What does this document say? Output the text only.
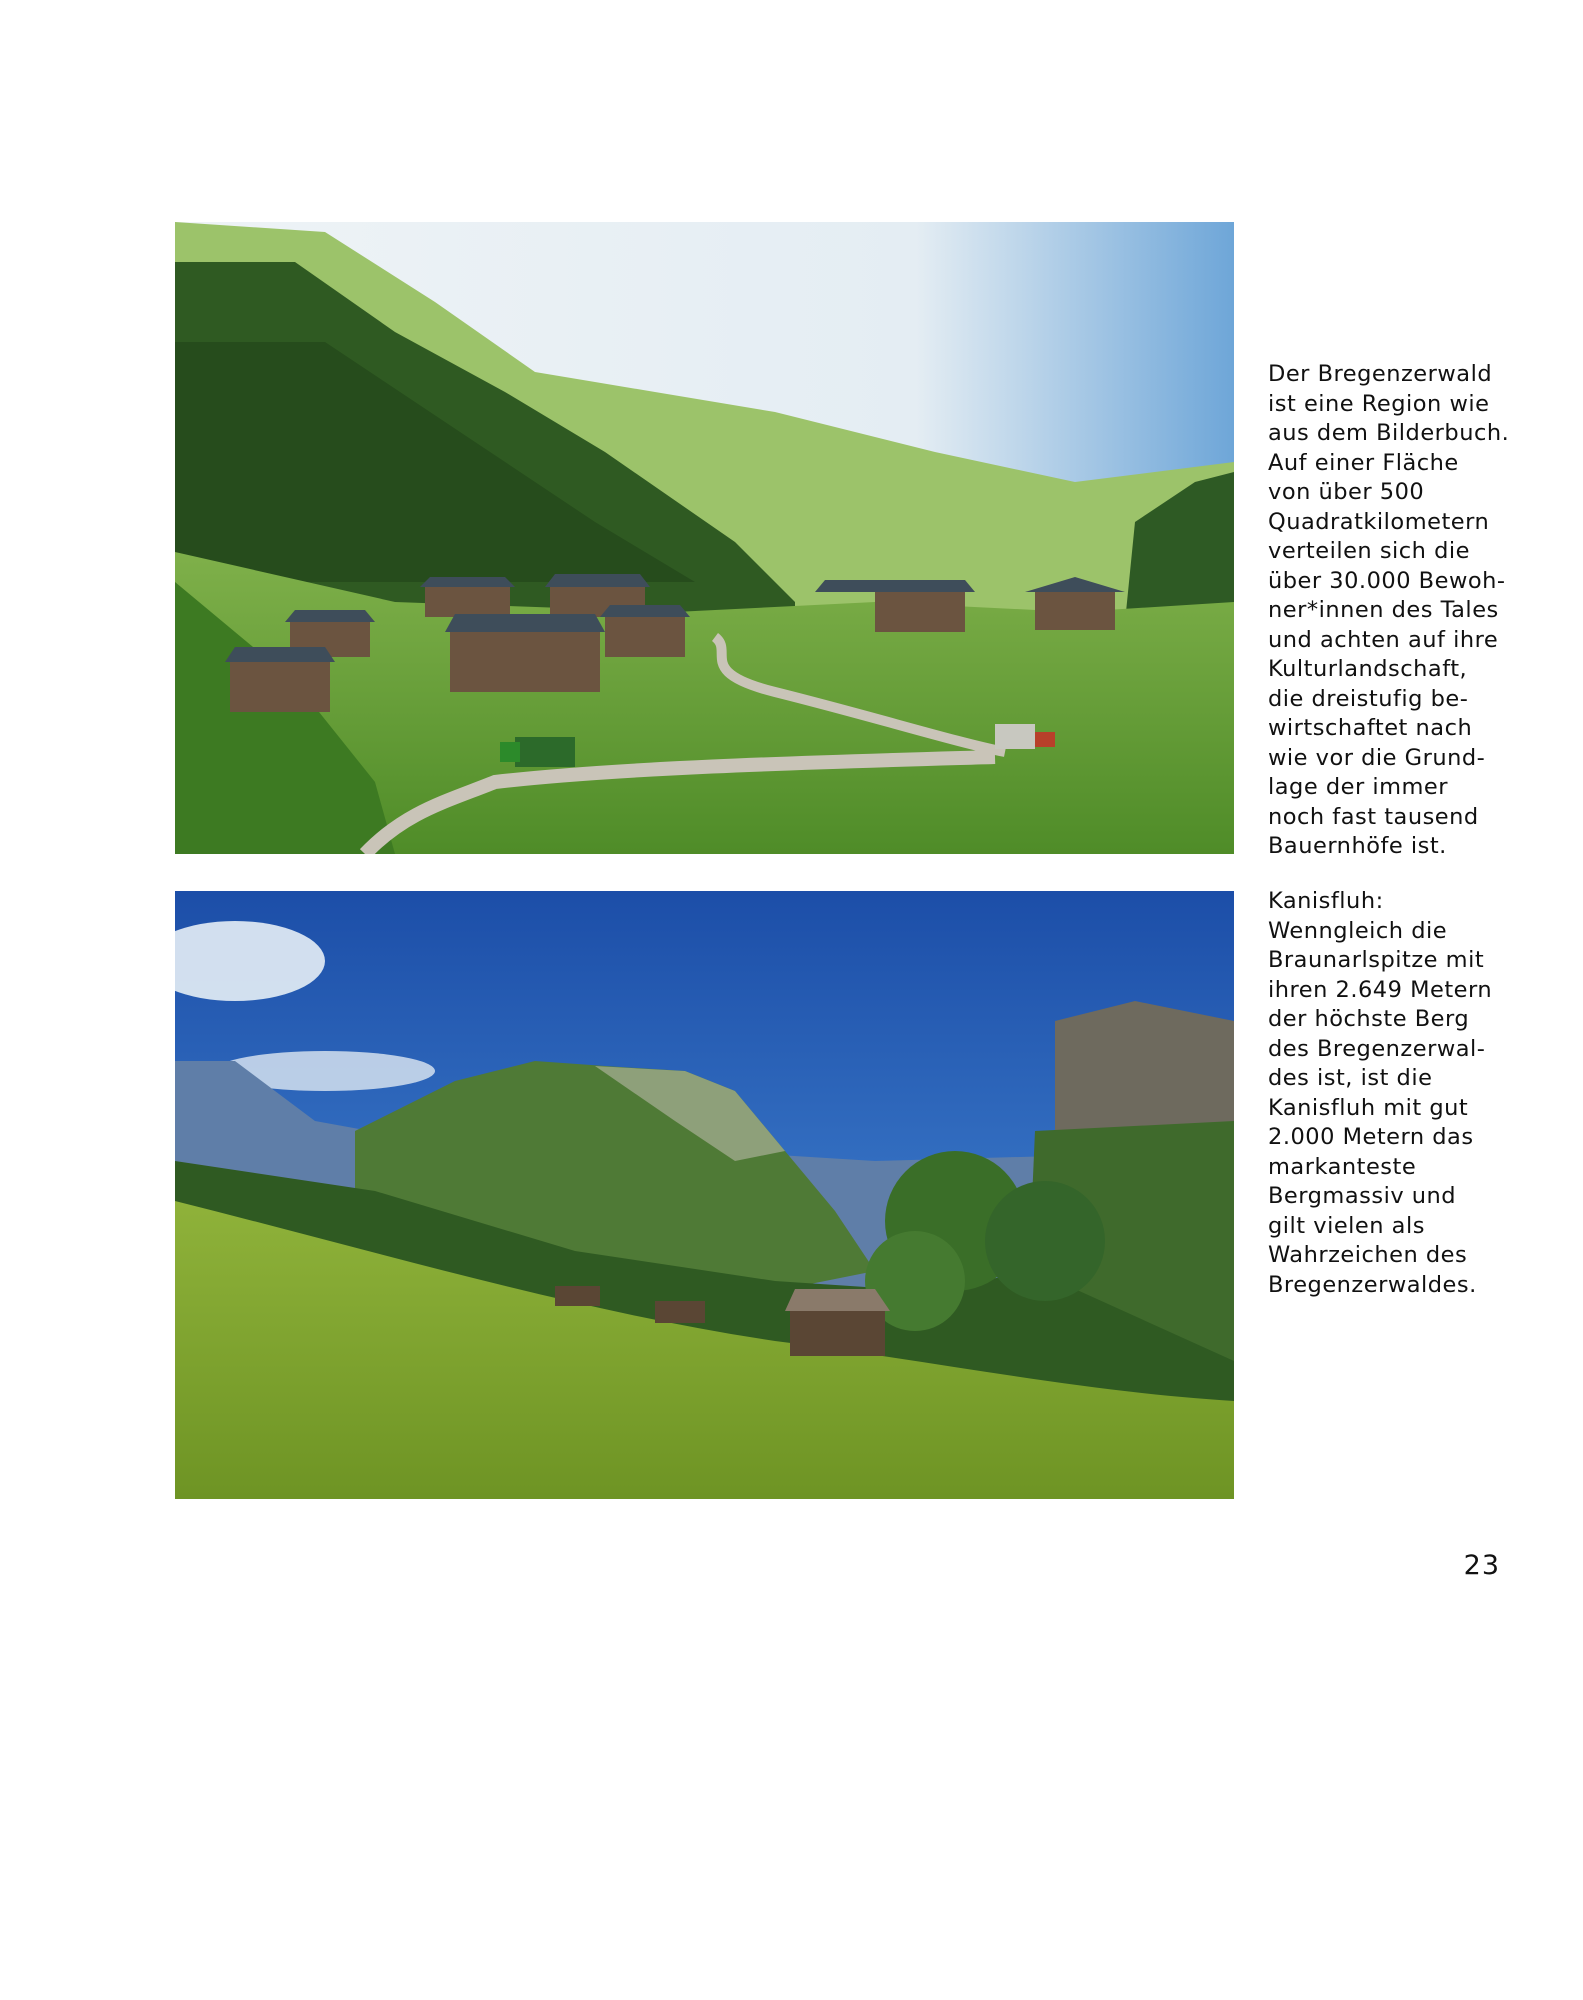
Der Bregenzerwald
ist eine Region wie
aus dem Bilderbuch.
Auf einer Fläche
von über 500
Quadratkilometern
verteilen sich die
über 30.000 Bewoh-
ner*innen des Tales
und achten auf ihre
Kulturlandschaft,
die dreistufig be-
wirtschaftet nach
wie vor die Grund-
lage der immer
noch fast tausend
Bauernhöfe ist.
Kanisfluh:
Wenngleich die
Braunarlspitze mit
ihren 2.649 Metern
der höchste Berg
des Bregenzerwal-
des ist, ist die
Kanisfluh mit gut
2.000 Metern das
markanteste
Bergmassiv und
gilt vielen als
Wahrzeichen des
Bregenzerwaldes.
23
